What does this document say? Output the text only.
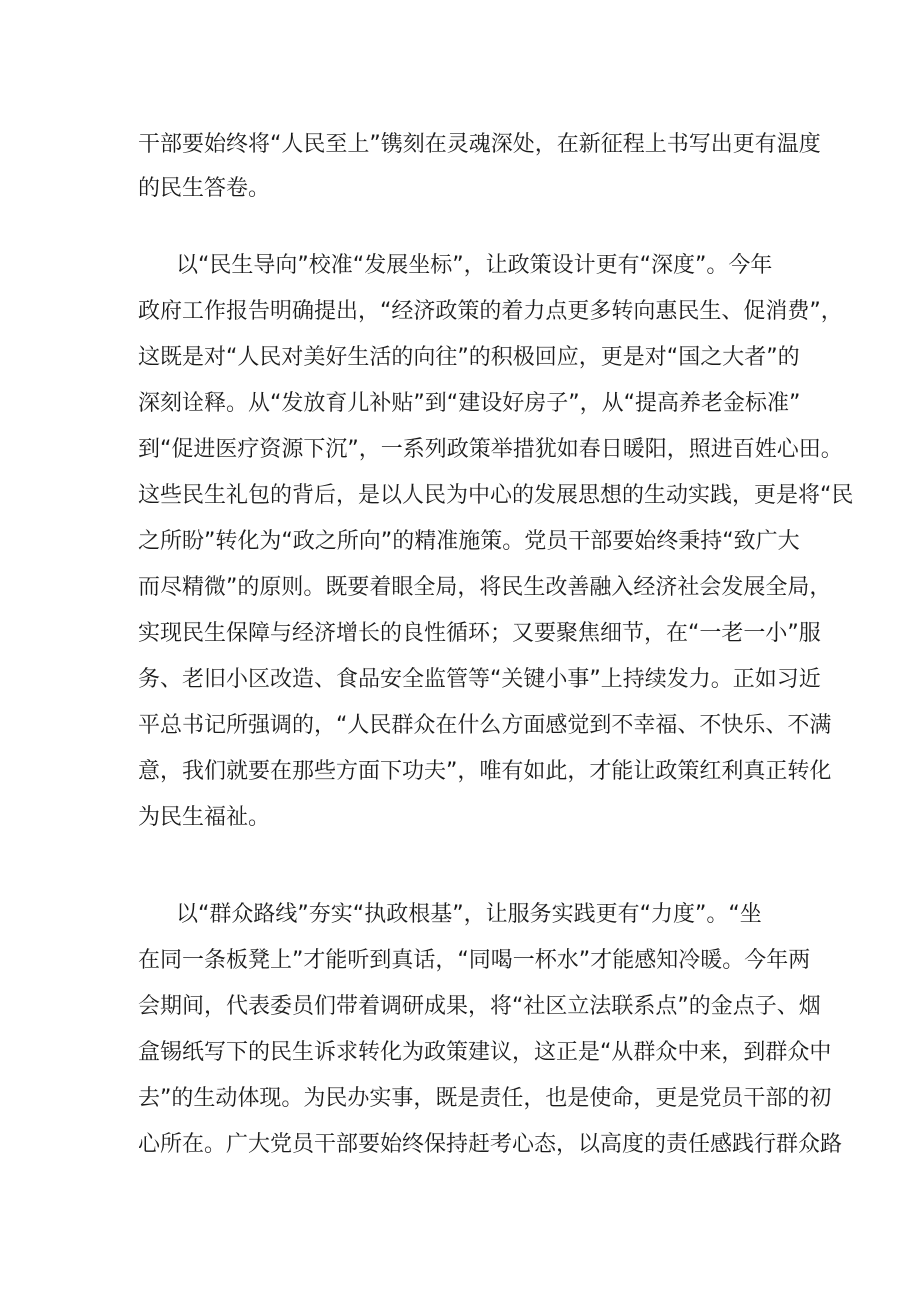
干部要始终将“人民至上”镌刻在灵魂深处，在新征程上书写出更有温度

的民生答卷。

以“民生导向”校准“发展坐标”，让政策设计更有“深度”。今年

政府工作报告明确提出，“经济政策的着力点更多转向惠民生、促消费”，

这既是对“人民对美好生活的向往”的积极回应，更是对“国之大者”的

深刻诠释。从“发放育儿补贴”到“建设好房子”，从“提高养老金标准”

到“促进医疗资源下沉”，一系列政策举措犹如春日暖阳，照进百姓心田。

这些民生礼包的背后，是以人民为中心的发展思想的生动实践，更是将“民

之所盼”转化为“政之所向”的精准施策。党员干部要始终秉持“致广大

而尽精微”的原则。既要着眼全局，将民生改善融入经济社会发展全局，

实现民生保障与经济增长的良性循环；又要聚焦细节，在“一老一小”服

务、老旧小区改造、食品安全监管等“关键小事”上持续发力。正如习近

平总书记所强调的，“人民群众在什么方面感觉到不幸福、不快乐、不满

意，我们就要在那些方面下功夫”，唯有如此，才能让政策红利真正转化

为民生福祉。

以“群众路线”夯实“执政根基”，让服务实践更有“力度”。“坐

在同一条板凳上”才能听到真话，“同喝一杯水”才能感知冷暖。今年两

会期间，代表委员们带着调研成果，将“社区立法联系点”的金点子、烟

盒锡纸写下的民生诉求转化为政策建议，这正是“从群众中来，到群众中

去”的生动体现。为民办实事，既是责任，也是使命，更是党员干部的初

心所在。广大党员干部要始终保持赶考心态，以高度的责任感践行群众路
